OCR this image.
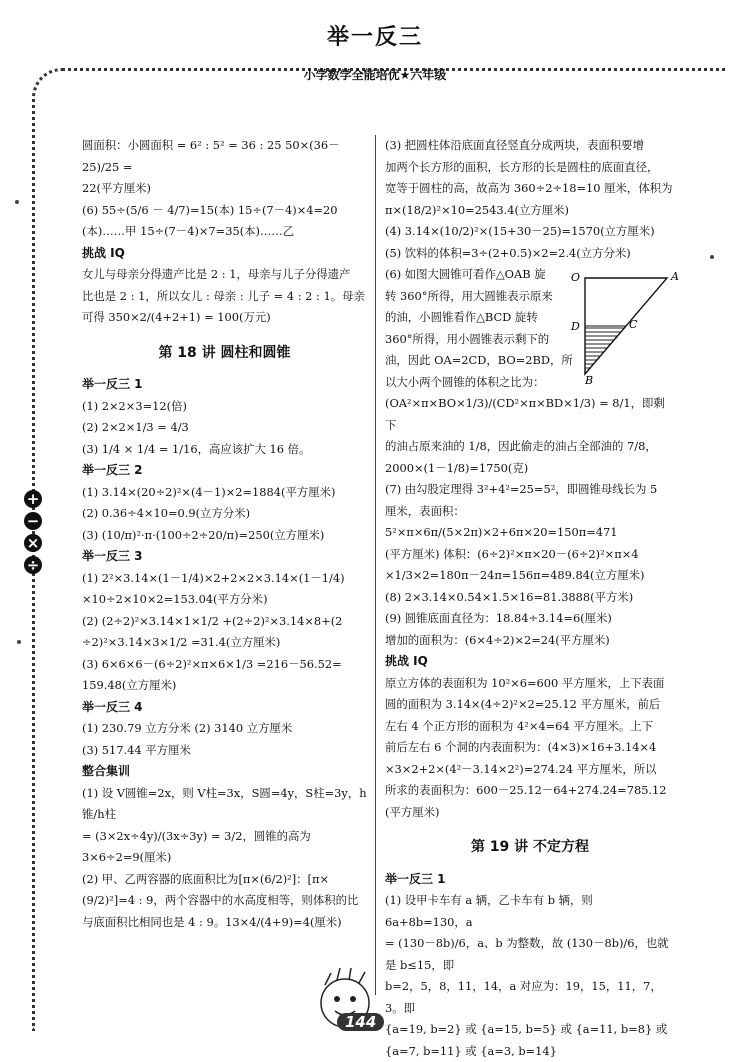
举一反三
小学数学全能培优★六年级

圆面积：小圆面积 = 6² : 5² = 36 : 25 50×(36－25)/25 =

22(平方厘米)

(6) 55÷(5/6 － 4/7)=15(本) 15÷(7－4)×4=20

(本)……甲 15÷(7－4)×7=35(本)……乙

挑战 IQ

女儿与母亲分得遗产比是 2 : 1，母亲与儿子分得遗产

比也是 2 : 1，所以女儿 : 母亲 : 儿子 = 4 : 2 : 1。母亲

可得 350×2/(4+2+1) = 100(万元)

第 18 讲 圆柱和圆锥

举一反三 1

(1) 2×2×3=12(倍)

(2) 2×2×1/3 = 4/3

(3) 1/4 × 1/4 = 1/16，高应该扩大 16 倍。

举一反三 2

(1) 3.14×(20÷2)²×(4－1)×2=1884(平方厘米)

(2) 0.36÷4×10=0.9(立方分米)

(3) (10/π)²·π·(100÷2÷20/π)=250(立方厘米)

举一反三 3

(1) 2²×3.14×(1－1/4)×2+2×2×3.14×(1－1/4)

×10÷2×10×2=153.04(平方分米)

(2) (2÷2)²×3.14×1×1/2 +(2÷2)²×3.14×8+(2

÷2)²×3.14×3×1/2 =31.4(立方厘米)

(3) 6×6×6－(6÷2)²×π×6×1/3 =216－56.52=

159.48(立方厘米)

举一反三 4

(1) 230.79 立方分米 (2) 3140 立方厘米

(3) 517.44 平方厘米

整合集训

(1) 设 V圆锥=2x，则 V柱=3x，S圆=4y，S柱=3y，h锥/h柱

= (3×2x÷4y)/(3x÷3y) = 3/2，圆锥的高为 3×6÷2=9(厘米)

(2) 甲、乙两容器的底面积比为[π×(6/2)²]：[π×

(9/2)²]=4 : 9，两个容器中的水高度相等，则体积的比

与底面积比相同也是 4 : 9。13×4/(4+9)=4(厘米)

(3) 把圆柱体沿底面直径竖直分成两块，表面积要增

加两个长方形的面积，长方形的长是圆柱的底面直径，

宽等于圆柱的高，故高为 360÷2÷18=10 厘米，体积为

π×(18/2)²×10=2543.4(立方厘米)

(4) 3.14×(10/2)²×(15+30－25)=1570(立方厘米)

(5) 饮料的体积=3÷(2+0.5)×2=2.4(立方分米)

(6) 如图大圆锥可看作△OAB 旋

转 360°所得，用大圆锥表示原来

的油，小圆锥看作△BCD 旋转

360°所得，用小圆锥表示剩下的

油，因此 OA=2CD，BO=2BD，所

以大小两个圆锥的体积之比为：

(OA²×π×BO×1/3)/(CD²×π×BD×1/3) = 8/1，即剩下

的油占原来油的 1/8，因此偷走的油占全部油的 7/8，

2000×(1－1/8)=1750(克)

(7) 由勾股定理得 3²+4²=25=5²，即圆锥母线长为 5

厘米，表面积：5²×π×6π/(5×2π)×2+6π×20=150π=471

(平方厘米) 体积：(6÷2)²×π×20－(6÷2)²×π×4

×1/3×2=180π－24π=156π=489.84(立方厘米)

(8) 2×3.14×0.54×1.5×16=81.3888(平方米)

(9) 圆锥底面直径为：18.84÷3.14=6(厘米)

增加的面积为：(6×4÷2)×2=24(平方厘米)

挑战 IQ

原立方体的表面积为 10²×6=600 平方厘米，上下表面

圆的面积为 3.14×(4÷2)²×2=25.12 平方厘米，前后

左右 4 个正方形的面积为 4²×4=64 平方厘米。上下

前后左右 6 个洞的内表面积为：(4×3)×16+3.14×4

×3×2+2×(4²－3.14×2²)=274.24 平方厘米，所以

所求的表面积为：600－25.12－64+274.24=785.12

(平方厘米)

第 19 讲 不定方程

举一反三 1

(1) 设甲卡车有 a 辆，乙卡车有 b 辆，则 6a+8b=130，a

= (130－8b)/6，a、b 为整数，故 (130－8b)/6，也就是 b≤15，即

b=2，5，8，11，14，a 对应为：19，15，11，7，3。即

{a=19, b=2} 或 {a=15, b=5} 或 {a=11, b=8} 或 {a=7, b=11} 或 {a=3, b=14}

O	A
D	C
B
+
−
×
÷
144
